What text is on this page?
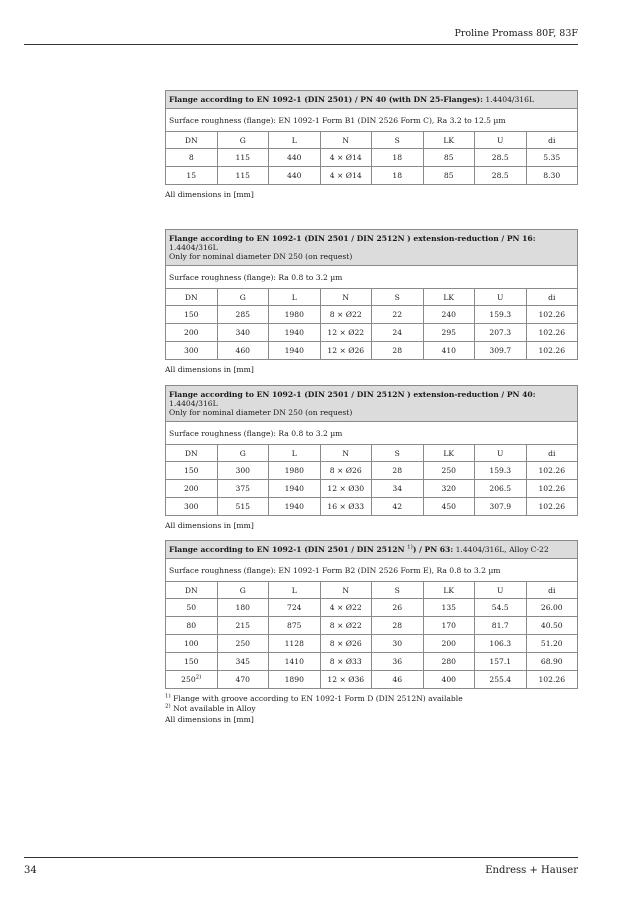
Proline Promass 80F, 83F
Flange according to EN 1092-1 (DIN 2501) / PN 40 (with DN 25-Flanges): 1.4404/316L							
Surface roughness (flange): EN 1092-1 Form B1 (DIN 2526 Form C), Ra 3.2 to 12.5 µm							
DN	G	L	N	S	LK	U	di
8	115	440	4 × Ø14	18	85	28.5	5.35
15	115	440	4 × Ø14	18	85	28.5	8.30
All dimensions in [mm]
Flange according to EN 1092-1 (DIN 2501 / DIN 2512N ) extension-reduction / PN 16: 1.4404/316L
Only for nominal diameter DN 250 (on request)							

Surface roughness (flange): Ra 0.8 to 3.2 µm							
DN	G	L	N	S	LK	U	di
150	285	1980	8 × Ø22	22	240	159.3	102.26
200	340	1940	12 × Ø22	24	295	207.3	102.26
300	460	1940	12 × Ø26	28	410	309.7	102.26
All dimensions in [mm]
Flange according to EN 1092-1 (DIN 2501 / DIN 2512N ) extension-reduction / PN 40: 1.4404/316L
Only for nominal diameter DN 250 (on request)							

Surface roughness (flange): Ra 0.8 to 3.2 µm							
DN	G	L	N	S	LK	U	di
150	300	1980	8 × Ø26	28	250	159.3	102.26
200	375	1940	12 × Ø30	34	320	206.5	102.26
300	515	1940	16 × Ø33	42	450	307.9	102.26
All dimensions in [mm]
Flange according to EN 1092-1 (DIN 2501 / DIN 2512N $^{1)}$) / PN 63: 1.4404/316L, Alloy C-22							
Surface roughness (flange): EN 1092-1 Form B2 (DIN 2526 Form E), Ra 0.8 to 3.2 µm							
DN	G	L	N	S	LK	U	di
50	180	724	4 × Ø22	26	135	54.5	26.00
80	215	875	8 × Ø22	28	170	81.7	40.50
100	250	1128	8 × Ø26	30	200	106.3	51.20
150	345	1410	8 × Ø33	36	280	157.1	68.90
250$^{2)}$	470	1890	12 × Ø36	46	400	255.4	102.26
$^{1)}$ Flange with groove according to EN 1092-1 Form D (DIN 2512N) available
$^{2)}$ Not available in Alloy
All dimensions in [mm]
34	Endress + Hauser
